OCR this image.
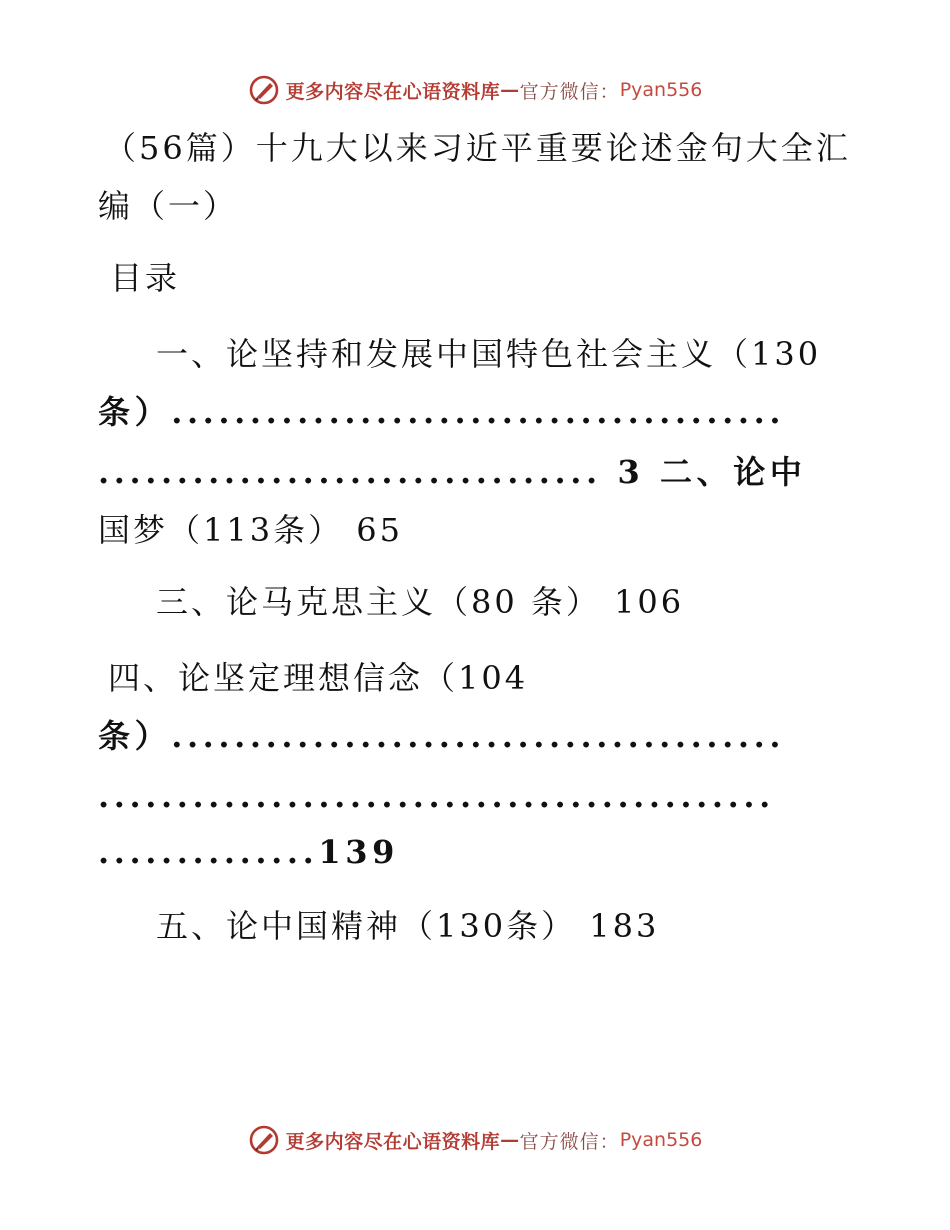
更多内容尽在心语资料库 — 官方微信： Pyan556
（56篇）十九大以来习近平重要论述金句大全汇
编（一）
目录
一、论坚持和发展中国特色社会主义（130
条）.......................................
................................ 3 二、论中
国梦（113条） 65
三、论马克思主义（80 条） 106
四、论坚定理想信念（104
条）.......................................
...........................................
..............139
五、论中国精神（130条） 183
更多内容尽在心语资料库 — 官方微信： Pyan556
